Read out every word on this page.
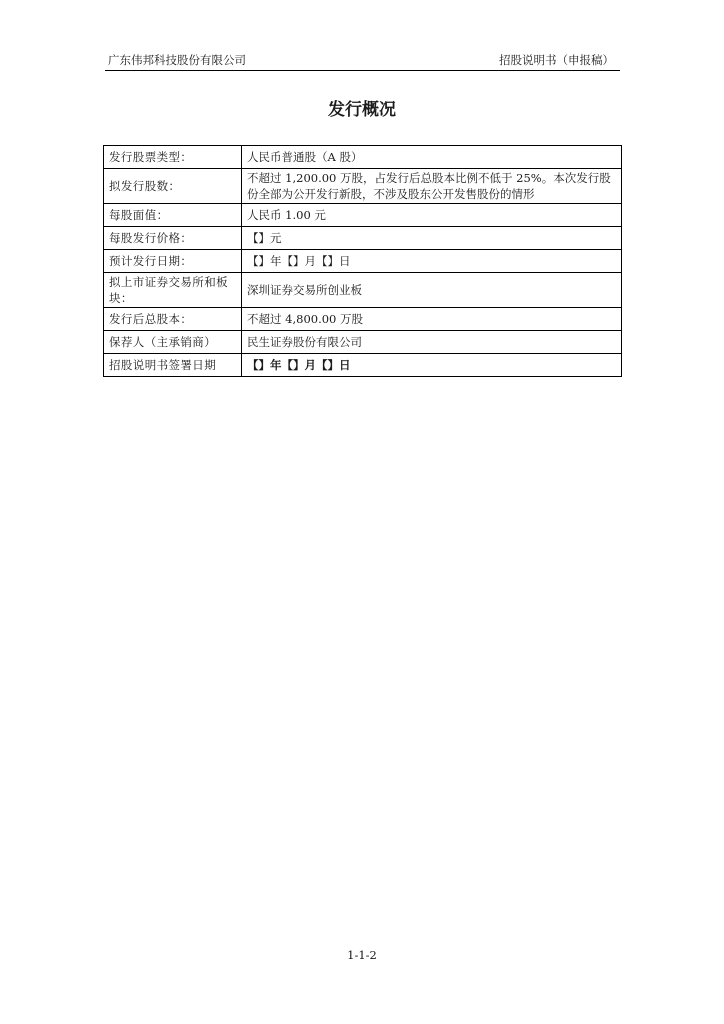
广东伟邦科技股份有限公司	招股说明书（申报稿）
发行概况
发行股票类型：	人民币普通股（A 股）
拟发行股数：	不超过 1,200.00 万股，占发行后总股本比例不低于 25%。本次发行股份全部为公开发行新股，不涉及股东公开发售股份的情形
每股面值：	人民币 1.00 元
每股发行价格：	【】元
预计发行日期：	【】年【】月【】日
拟上市证券交易所和板块：	深圳证券交易所创业板
发行后总股本：	不超过 4,800.00 万股
保荐人（主承销商）	民生证券股份有限公司
招股说明书签署日期	【】年【】月【】日
1-1-2
